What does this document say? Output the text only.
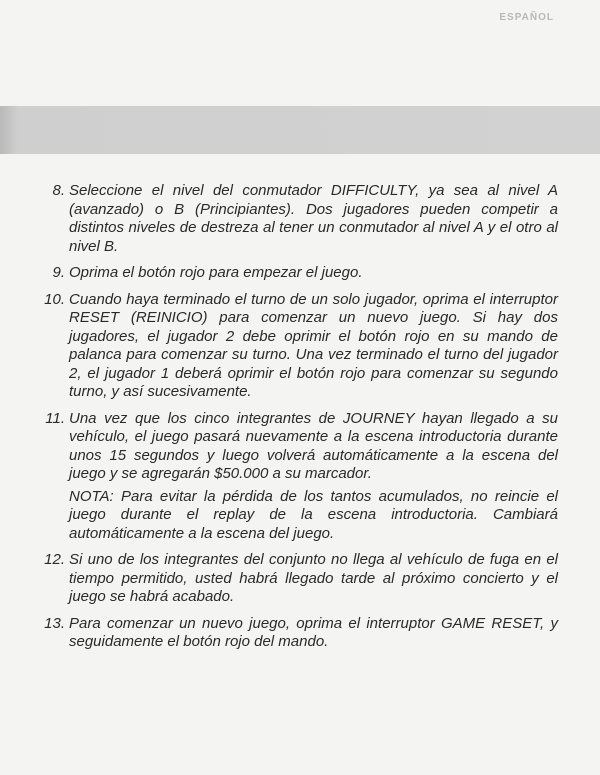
ESPAÑOL
8. Seleccione el nivel del conmutador DIFFICULTY, ya sea al nivel A (avanzado) o B (Principiantes). Dos jugadores pueden competir a distintos niveles de destreza al tener un conmutador al nivel A y el otro al nivel B.
9. Oprima el botón rojo para empezar el juego.
10. Cuando haya terminado el turno de un solo jugador, oprima el interruptor RESET (REINICIO) para comenzar un nuevo juego. Si hay dos jugadores, el jugador 2 debe oprimir el botón rojo en su mando de palanca para comenzar su turno. Una vez terminado el turno del jugador 2, el jugador 1 deberá oprimir el botón rojo para comenzar su segundo turno, y así sucesivamente.
11. Una vez que los cinco integrantes de JOURNEY hayan llegado a su vehículo, el juego pasará nuevamente a la escena introductoria durante unos 15 segundos y luego volverá automáticamente a la escena del juego y se agregarán $50.000 a su marcador.
NOTA: Para evitar la pérdida de los tantos acumulados, no reincie el juego durante el replay de la escena introductoria. Cambiará automáticamente a la escena del juego.
12. Si uno de los integrantes del conjunto no llega al vehículo de fuga en el tiempo permitido, usted habrá llegado tarde al próximo concierto y el juego se habrá acabado.
13. Para comenzar un nuevo juego, oprima el interruptor GAME RESET, y seguidamente el botón rojo del mando.
